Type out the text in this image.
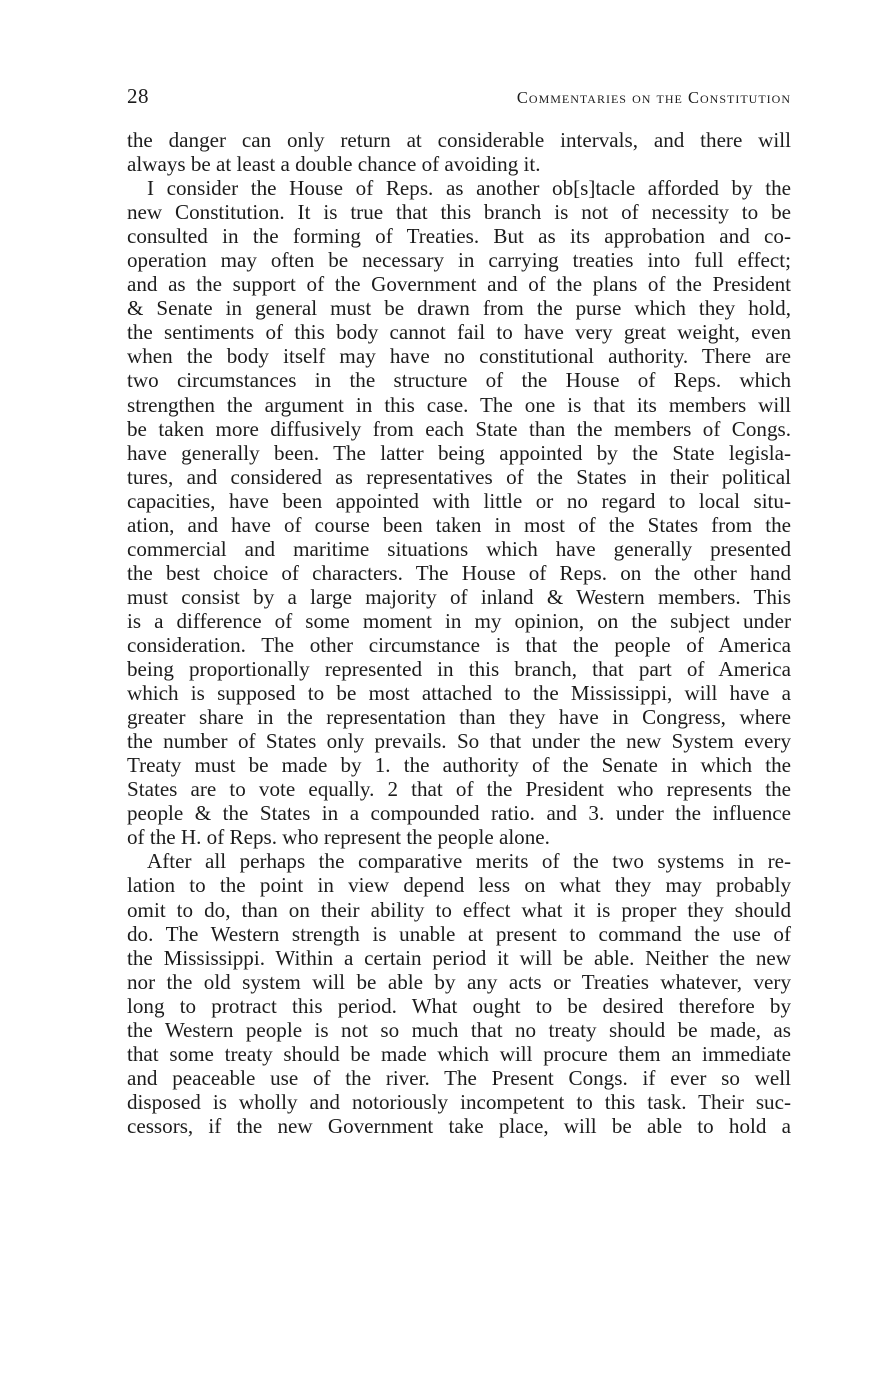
28	Commentaries on the Constitution
the danger can only return at considerable intervals, and there will
always be at least a double chance of avoiding it.
I consider the House of Reps. as another ob[s]tacle afforded by the
new Constitution. It is true that this branch is not of necessity to be
consulted in the forming of Treaties. But as its approbation and co-
operation may often be necessary in carrying treaties into full effect;
and as the support of the Government and of the plans of the President
& Senate in general must be drawn from the purse which they hold,
the sentiments of this body cannot fail to have very great weight, even
when the body itself may have no constitutional authority. There are
two circumstances in the structure of the House of Reps. which
strengthen the argument in this case. The one is that its members will
be taken more diffusively from each State than the members of Congs.
have generally been. The latter being appointed by the State legisla-
tures, and considered as representatives of the States in their political
capacities, have been appointed with little or no regard to local situ-
ation, and have of course been taken in most of the States from the
commercial and maritime situations which have generally presented
the best choice of characters. The House of Reps. on the other hand
must consist by a large majority of inland & Western members. This
is a difference of some moment in my opinion, on the subject under
consideration. The other circumstance is that the people of America
being proportionally represented in this branch, that part of America
which is supposed to be most attached to the Mississippi, will have a
greater share in the representation than they have in Congress, where
the number of States only prevails. So that under the new System every
Treaty must be made by 1. the authority of the Senate in which the
States are to vote equally. 2 that of the President who represents the
people & the States in a compounded ratio. and 3. under the influence
of the H. of Reps. who represent the people alone.
After all perhaps the comparative merits of the two systems in re-
lation to the point in view depend less on what they may probably
omit to do, than on their ability to effect what it is proper they should
do. The Western strength is unable at present to command the use of
the Mississippi. Within a certain period it will be able. Neither the new
nor the old system will be able by any acts or Treaties whatever, very
long to protract this period. What ought to be desired therefore by
the Western people is not so much that no treaty should be made, as
that some treaty should be made which will procure them an immediate
and peaceable use of the river. The Present Congs. if ever so well
disposed is wholly and notoriously incompetent to this task. Their suc-
cessors, if the new Government take place, will be able to hold a
